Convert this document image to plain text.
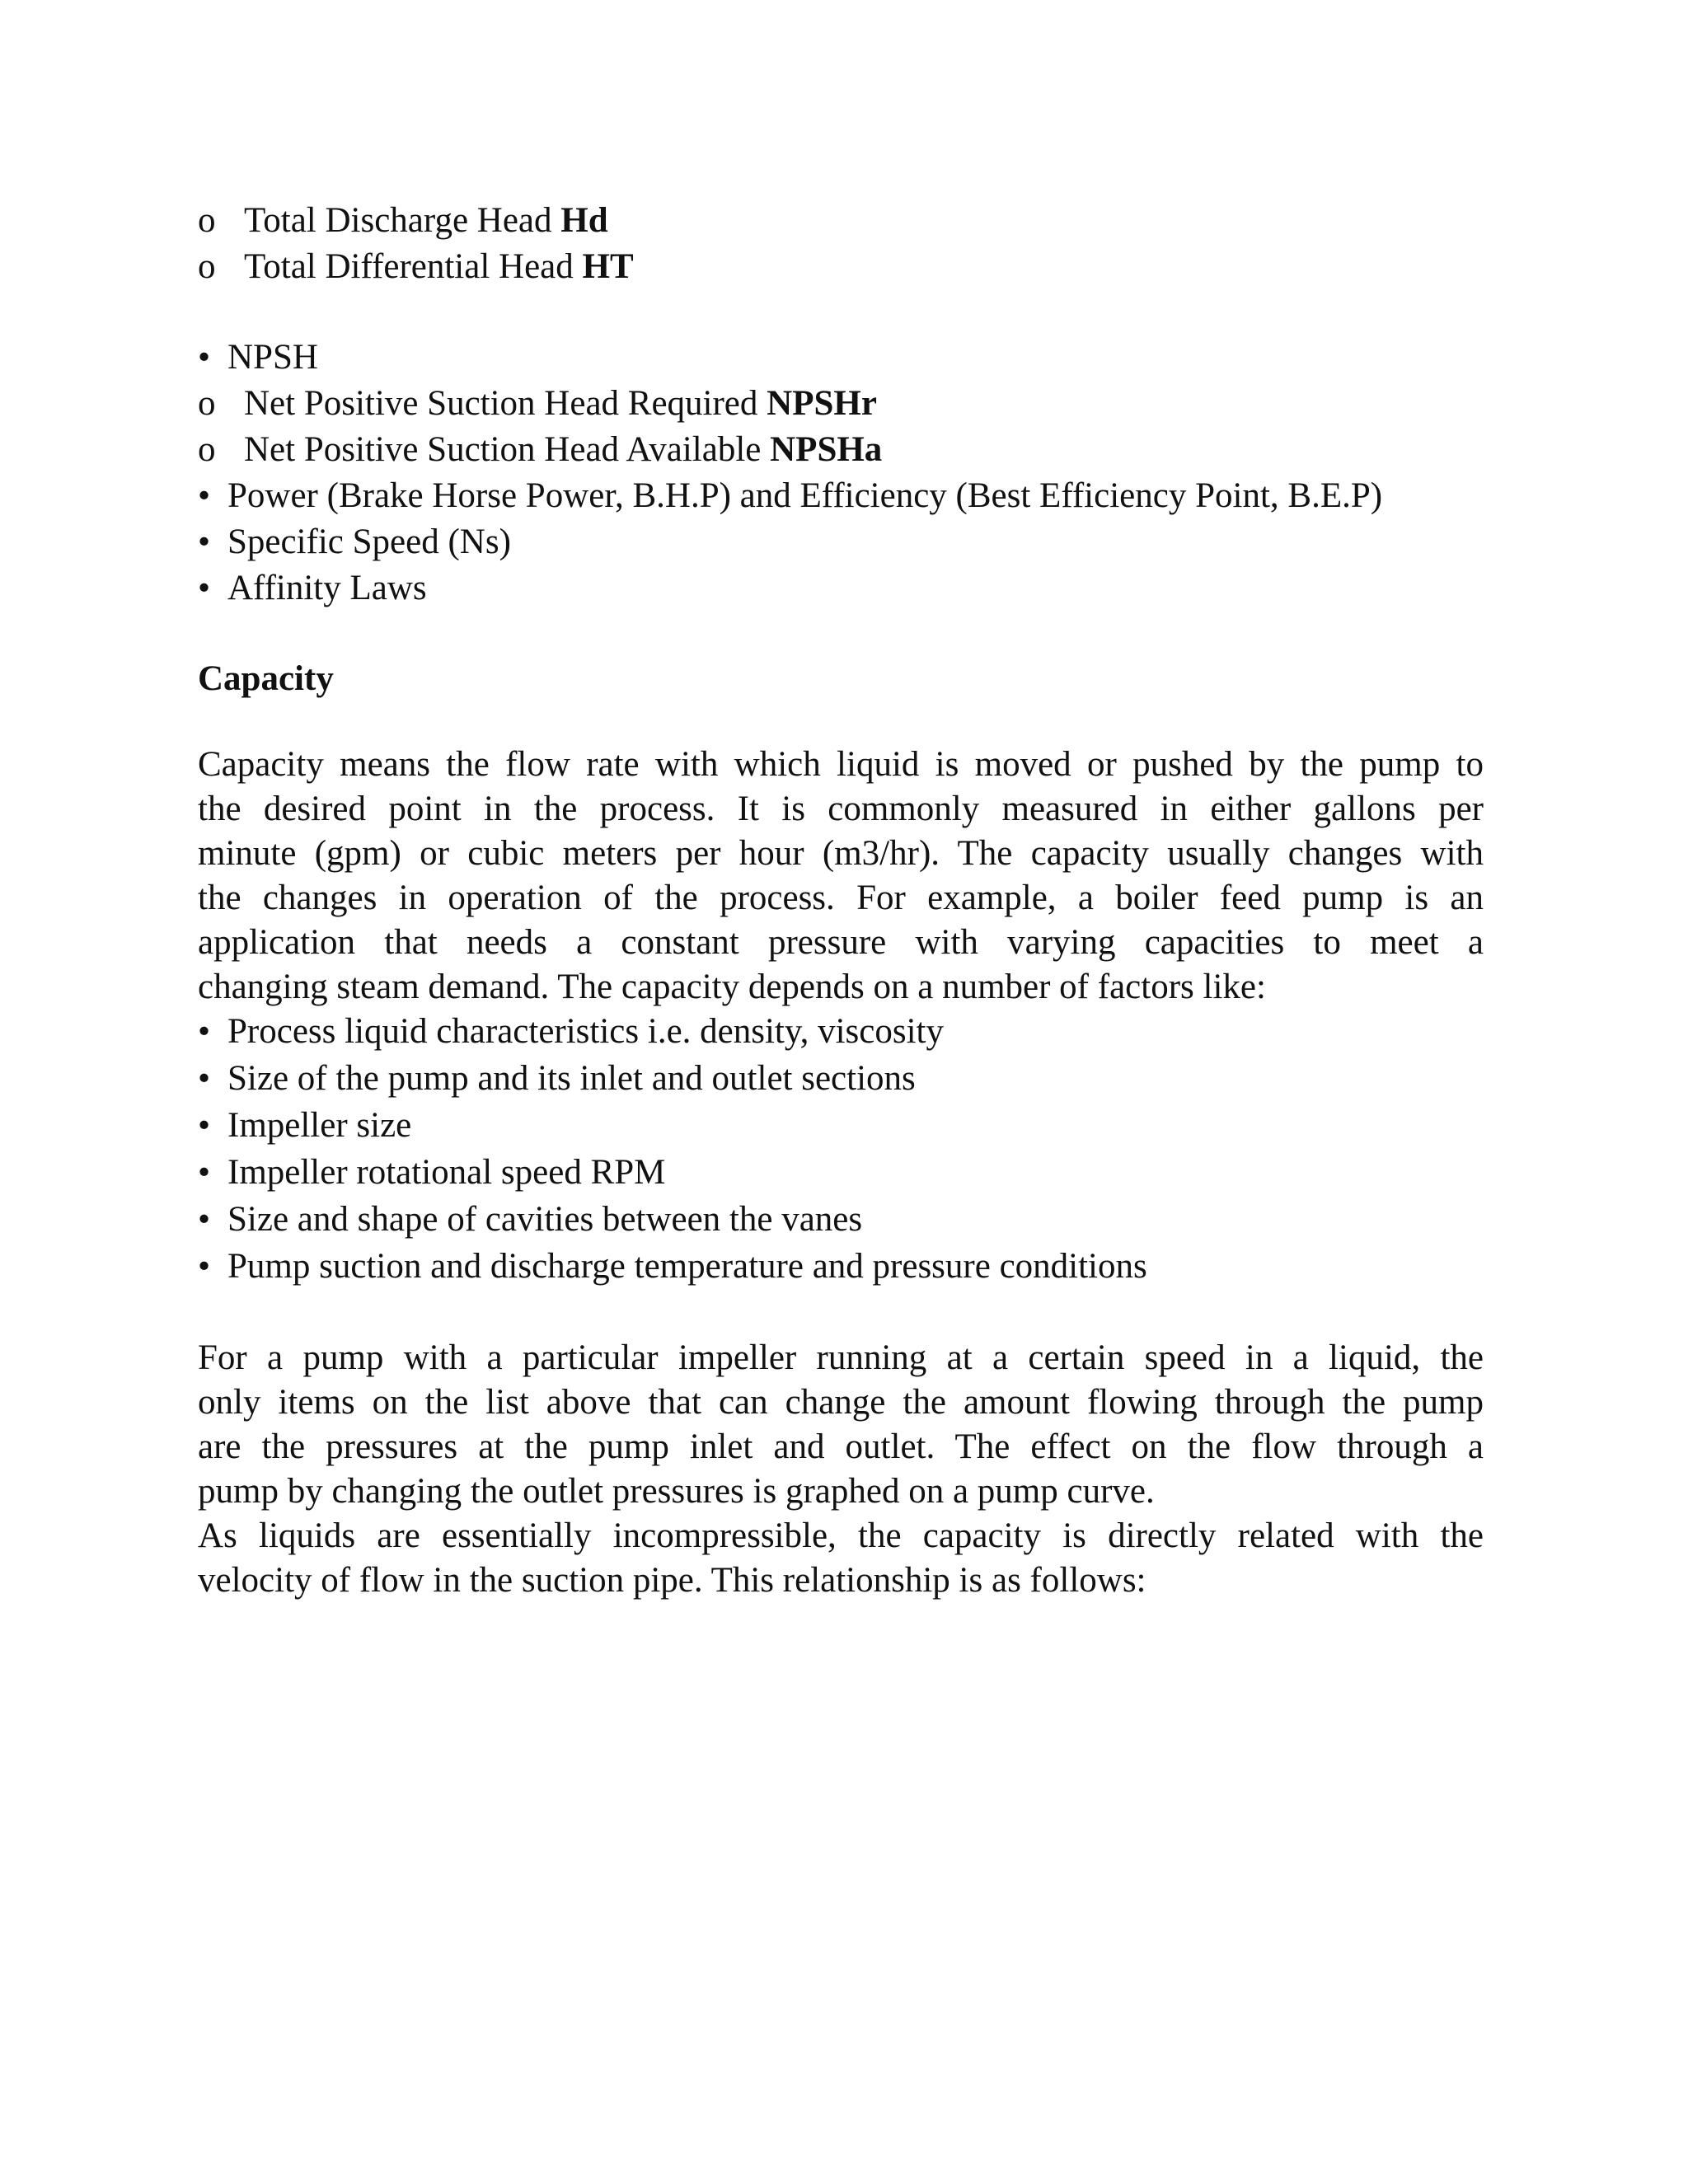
o Total Discharge Head Hd
o Total Differential Head HT
• NPSH
o Net Positive Suction Head Required NPSHr
o Net Positive Suction Head Available NPSHa
• Power (Brake Horse Power, B.H.P) and Efficiency (Best Efficiency Point, B.E.P)
• Specific Speed (Ns)
• Affinity Laws
Capacity
Capacity means the flow rate with which liquid is moved or pushed by the pump to
the desired point in the process. It is commonly measured in either gallons per
minute (gpm) or cubic meters per hour (m3/hr). The capacity usually changes with
the changes in operation of the process. For example, a boiler feed pump is an
application that needs a constant pressure with varying capacities to meet a
changing steam demand. The capacity depends on a number of factors like:
• Process liquid characteristics i.e. density, viscosity
• Size of the pump and its inlet and outlet sections
• Impeller size
• Impeller rotational speed RPM
• Size and shape of cavities between the vanes
• Pump suction and discharge temperature and pressure conditions
For a pump with a particular impeller running at a certain speed in a liquid, the
only items on the list above that can change the amount flowing through the pump
are the pressures at the pump inlet and outlet. The effect on the flow through a
pump by changing the outlet pressures is graphed on a pump curve.
As liquids are essentially incompressible, the capacity is directly related with the
velocity of flow in the suction pipe. This relationship is as follows:
